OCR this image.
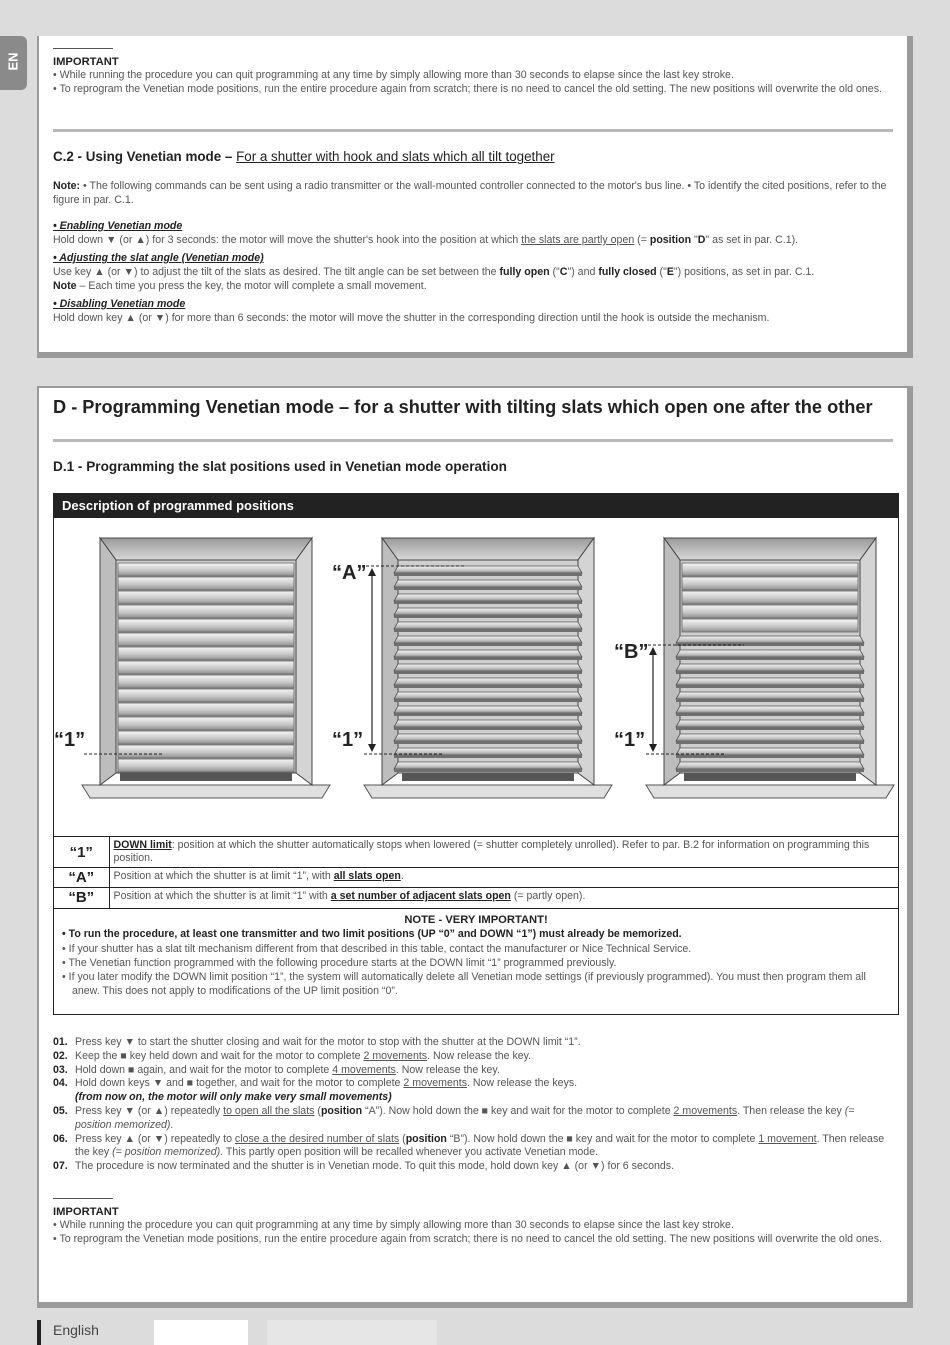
EN	IMPORTANT
• While running the procedure you can quit programming at any time by simply allowing more than 30 seconds to elapse since the last key stroke.
• To reprogram the Venetian mode positions, run the entire procedure again from scratch; there is no need to cancel the old setting. The new positions will overwrite the old ones.
C.2 - Using Venetian mode – For a shutter with hook and slats which all tilt together
Note: • The following commands can be sent using a radio transmitter or the wall-mounted controller connected to the motor's bus line. • To identify the cited positions, refer to the figure in par. C.1.
• Enabling Venetian mode
Hold down ▼ (or ▲) for 3 seconds: the motor will move the shutter's hook into the position at which the slats are partly open (= position "D" as set in par. C.1).
• Adjusting the slat angle (Venetian mode)
Use key ▲ (or ▼) to adjust the tilt of the slats as desired. The tilt angle can be set between the fully open ("C") and fully closed ("E") positions, as set in par. C.1.
Note – Each time you press the key, the motor will complete a small movement.
• Disabling Venetian mode
Hold down key ▲ (or ▼) for more than 6 seconds: the motor will move the shutter in the corresponding direction until the hook is outside the mechanism.
D - Programming Venetian mode – for a shutter with tilting slats which open one after the other
D.1 - Programming the slat positions used in Venetian mode operation
Description of programmed positions
“1”	“1”	“1”
“A”
“B”
“1”	DOWN limit: position at which the shutter automatically stops when lowered (= shutter completely unrolled). Refer to par. B.2 for information on programming this position.
“A”	Position at which the shutter is at limit “1”, with all slats open.
“B”	Position at which the shutter is at limit “1” with a set number of adjacent slats open (= partly open).
NOTE - VERY IMPORTANT!
• To run the procedure, at least one transmitter and two limit positions (UP “0” and DOWN “1”) must already be memorized.
• If your shutter has a slat tilt mechanism different from that described in this table, contact the manufacturer or Nice Technical Service.
• The Venetian function programmed with the following procedure starts at the DOWN limit “1” programmed previously.
• If you later modify the DOWN limit position “1”, the system will automatically delete all Venetian mode settings (if previously programmed). You must then program them all anew. This does not apply to modifications of the UP limit position “0”.
01. Press key ▼ to start the shutter closing and wait for the motor to stop with the shutter at the DOWN limit “1”.
02. Keep the ■ key held down and wait for the motor to complete 2 movements. Now release the key.
03. Hold down ■ again, and wait for the motor to complete 4 movements. Now release the key.
04. Hold down keys ▼ and ■ together, and wait for the motor to complete 2 movements. Now release the keys.
(from now on, the motor will only make very small movements)
05. Press key ▼ (or ▲) repeatedly to open all the slats (position “A”). Now hold down the ■ key and wait for the motor to complete 2 movements. Then release the key (= position memorized).
06. Press key ▲ (or ▼) repeatedly to close a the desired number of slats (position “B”). Now hold down the ■ key and wait for the motor to complete 1 movement. Then release the key (= position memorized). This partly open position will be recalled whenever you activate Venetian mode.
07. The procedure is now terminated and the shutter is in Venetian mode. To quit this mode, hold down key ▲ (or ▼) for 6 seconds.
IMPORTANT
• While running the procedure you can quit programming at any time by simply allowing more than 30 seconds to elapse since the last key stroke.
• To reprogram the Venetian mode positions, run the entire procedure again from scratch; there is no need to cancel the old setting. The new positions will overwrite the old ones.
English
